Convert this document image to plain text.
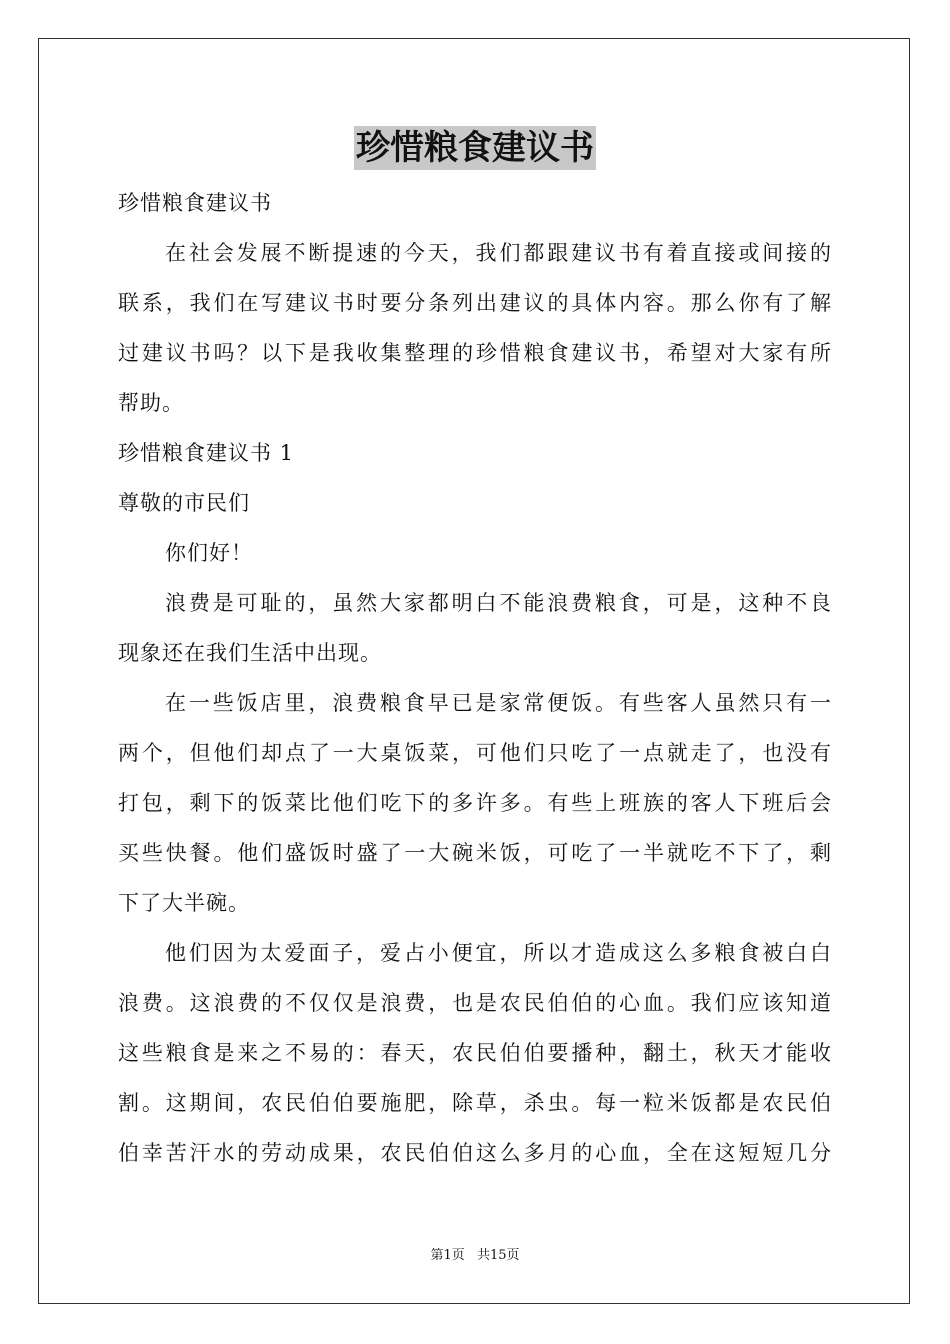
珍惜粮食建议书
珍惜粮食建议书
在社会发展不断提速的今天，我们都跟建议书有着直接或间接的
联系，我们在写建议书时要分条列出建议的具体内容。那么你有了解
过建议书吗？以下是我收集整理的珍惜粮食建议书，希望对大家有所
帮助。
珍惜粮食建议书 1
尊敬的市民们
你们好！
浪费是可耻的，虽然大家都明白不能浪费粮食，可是，这种不良
现象还在我们生活中出现。
在一些饭店里，浪费粮食早已是家常便饭。有些客人虽然只有一
两个，但他们却点了一大桌饭菜，可他们只吃了一点就走了，也没有
打包，剩下的饭菜比他们吃下的多许多。有些上班族的客人下班后会
买些快餐。他们盛饭时盛了一大碗米饭，可吃了一半就吃不下了，剩
下了大半碗。
他们因为太爱面子，爱占小便宜，所以才造成这么多粮食被白白
浪费。这浪费的不仅仅是浪费，也是农民伯伯的心血。我们应该知道
这些粮食是来之不易的：春天，农民伯伯要播种，翻土，秋天才能收
割。这期间，农民伯伯要施肥，除草，杀虫。每一粒米饭都是农民伯
伯幸苦汗水的劳动成果，农民伯伯这么多月的心血，全在这短短几分
第1页 共15页
